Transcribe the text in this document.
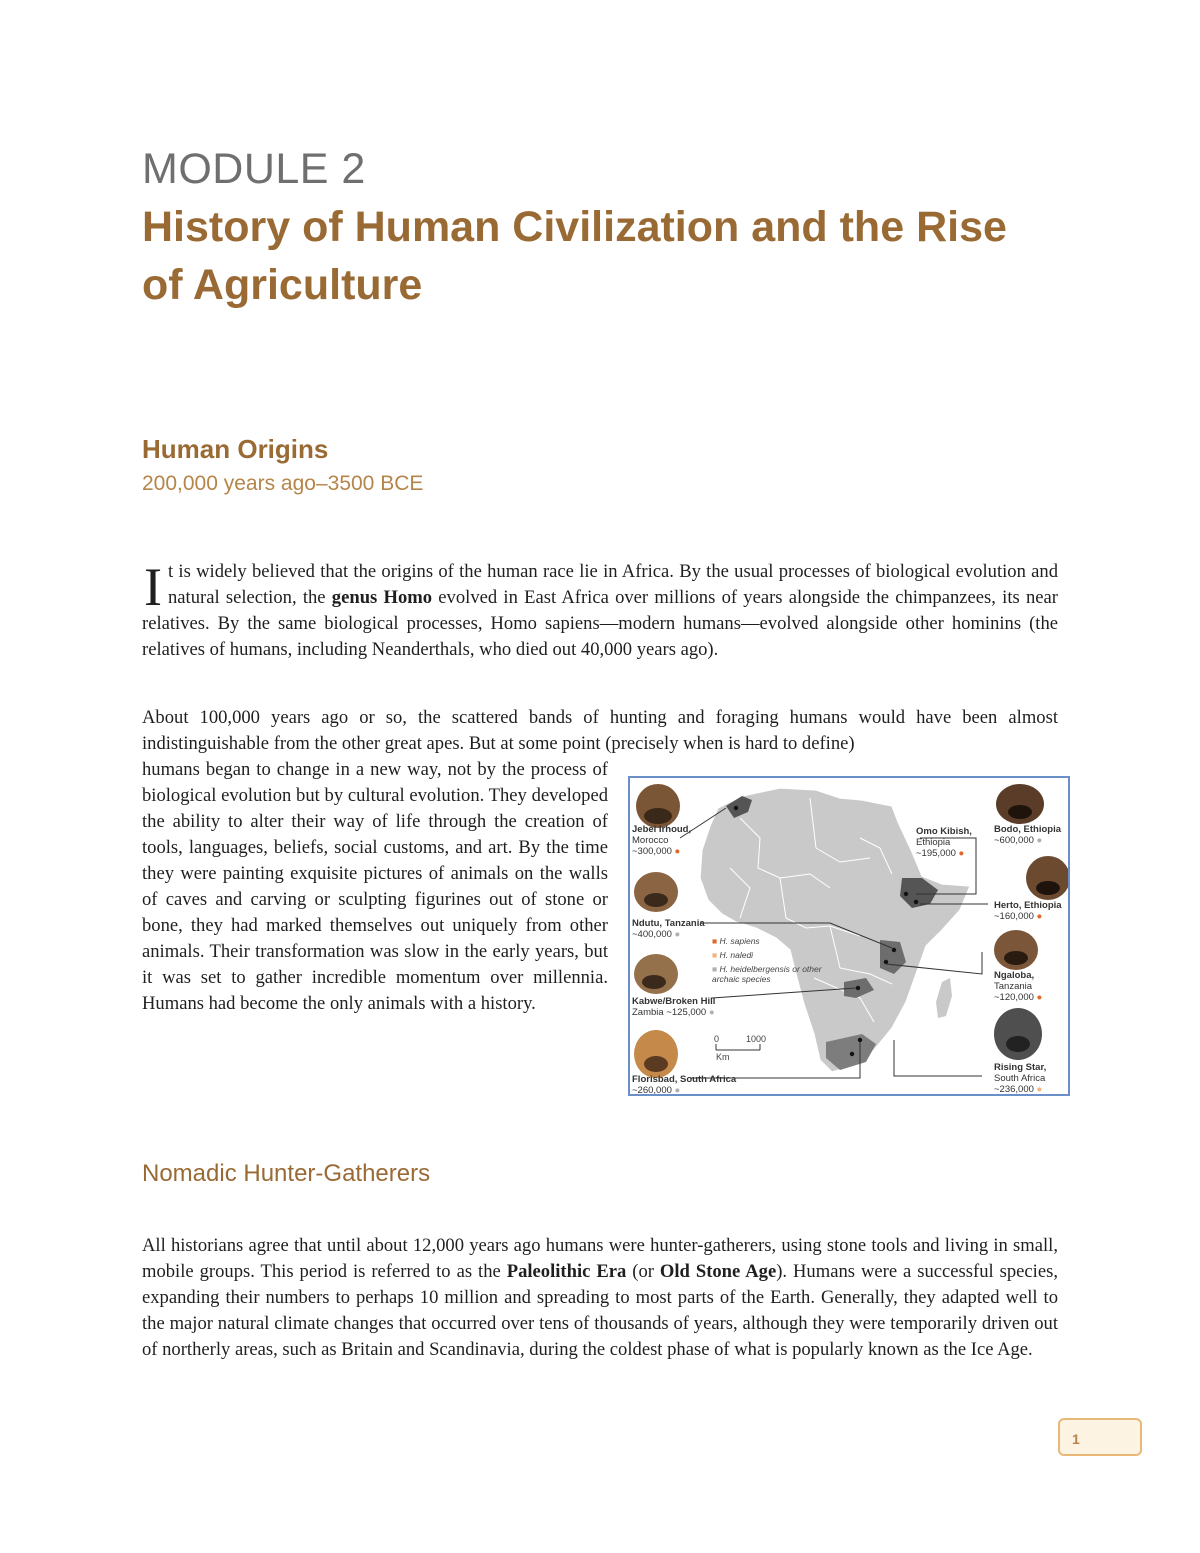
MODULE 2
History of Human Civilization and the Rise of Agriculture
Human Origins
200,000 years ago–3500 BCE

It is widely believed that the origins of the human race lie in Africa. By the usual processes of biological evolution and natural selection, the genus Homo evolved in East Africa over millions of years alongside the chimpanzees, its near relatives. By the same biological processes, Homo sapiens—modern humans—evolved alongside other hominins (the relatives of humans, including Neanderthals, who died out 40,000 years ago).

About 100,000 years ago or so, the scattered bands of hunting and foraging humans would have been almost indistinguishable from the other great apes. But at some point (precisely when is hard to define)

humans began to change in a new way, not by the process of biological evolution but by cultural evolution. They developed the ability to alter their way of life through the creation of tools, languages, beliefs, social customs, and art. By the time they were painting exquisite pictures of animals on the walls of caves and carving or sculpting figurines out of stone or bone, they had marked themselves out uniquely from other animals. Their transformation was slow in the early years, but it was set to gather incredible momentum over millennia. Humans had become the only animals with a history.

Jebel Irhoud,
Morocco
~300,000 ●
Ndutu, Tanzania
~400,000 ●
Kabwe/Broken Hill
Zambia ~125,000 ●
Florisbad, South Africa
~260,000 ●
Omo Kibish,
Ethiopia
~195,000 ●
Bodo, Ethiopia
~600,000 ●
Herto, Ethiopia
~160,000 ●
Ngaloba,
Tanzania
~120,000 ●
Rising Star,
South Africa
~236,000 ●
■ H. sapiens
■ H. naledi
■ H. heidelbergensis or other archaic species
0	1000
Km
Nomadic Hunter-Gatherers

All historians agree that until about 12,000 years ago humans were hunter-gatherers, using stone tools and living in small, mobile groups. This period is referred to as the Paleolithic Era (or Old Stone Age). Humans were a successful species, expanding their numbers to perhaps 10 million and spreading to most parts of the Earth. Generally, they adapted well to the major natural climate changes that occurred over tens of thousands of years, although they were temporarily driven out of northerly areas, such as Britain and Scandinavia, during the coldest phase of what is popularly known as the Ice Age.

1
